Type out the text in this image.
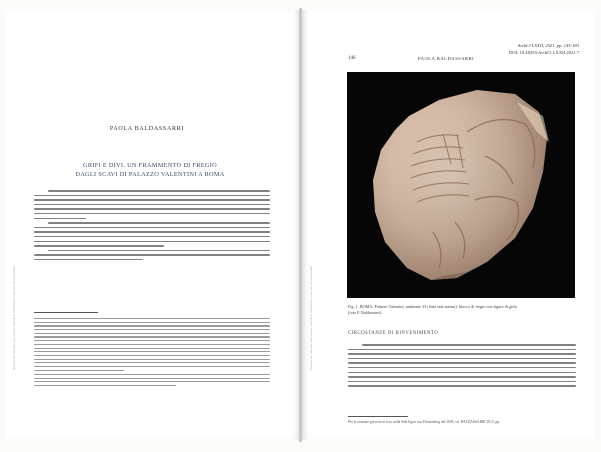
Questo documento può essere copiato e distribuito solo per uso personale	Questo documento può essere copiato e distribuito solo per uso personale
ArchCl LXXII, 2021, pp. 145-183
DOI: 10.48255/ArchCl.LXXII.2021.7
PAOLA BALDASSARRI
GRIFI E DIVI. UN FRAMMENTO DI FREGIO
DAGLI SCAVI DI PALAZZO VALENTINI A ROMA
146	PAOLA BALDASSARRI
Fig. 1. ROMA, Palazzo Valentini, ambiente 35 (Sala sala mensa): blocco di fregio con figura di grifo
(foto P. Baldassarri).
CIRCOSTANZE DI RINVENIMENTO
Per le strutture già note in loco nella Sala Egon von Fürstenberg nel 2005, vd. BALDASSARRI 2013, pp.
